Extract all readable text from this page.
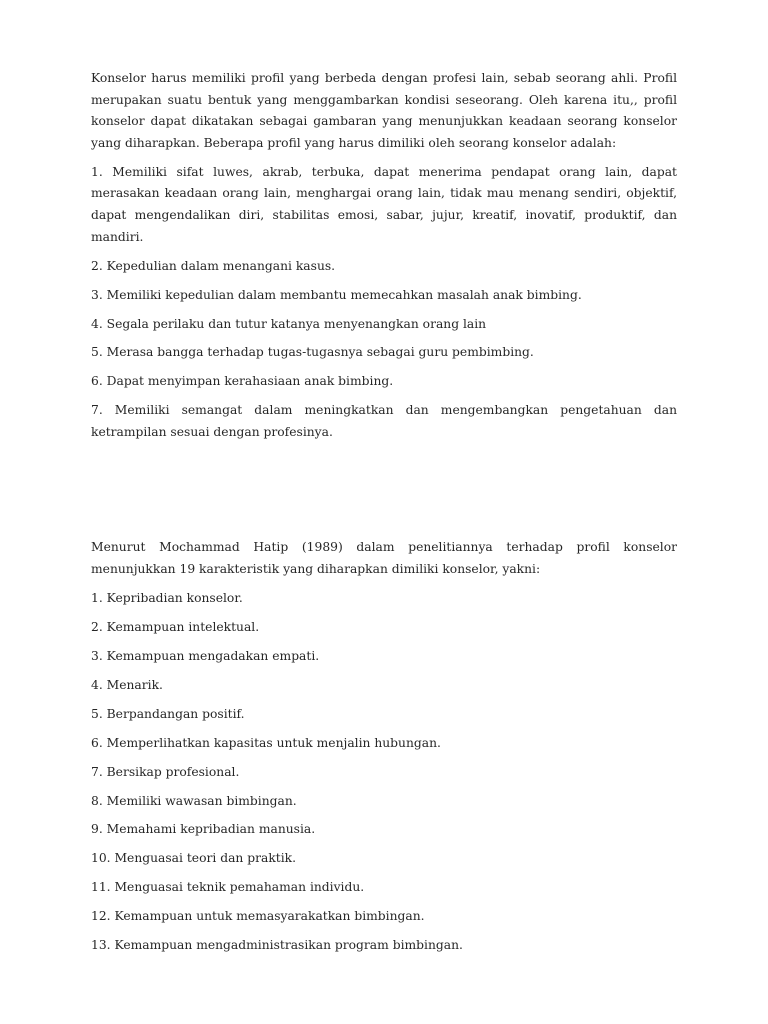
Konselor harus memiliki profil yang berbeda dengan profesi lain, sebab seorang ahli. Profil merupakan suatu bentuk yang menggambarkan kondisi seseorang. Oleh karena itu,, profil konselor dapat dikatakan sebagai gambaran yang menunjukkan keadaan seorang konselor yang diharapkan. Beberapa profil yang harus dimiliki oleh seorang konselor adalah:

1. Memiliki sifat luwes, akrab, terbuka, dapat menerima pendapat orang lain, dapat merasakan keadaan orang lain, menghargai orang lain, tidak mau menang sendiri, objektif, dapat mengendalikan diri, stabilitas emosi, sabar, jujur, kreatif, inovatif, produktif, dan mandiri.

2. Kepedulian dalam menangani kasus.

3. Memiliki kepedulian dalam membantu memecahkan masalah anak bimbing.

4. Segala perilaku dan tutur katanya menyenangkan orang lain

5. Merasa bangga terhadap tugas-tugasnya sebagai guru pembimbing.

6. Dapat menyimpan kerahasiaan anak bimbing.

7. Memiliki semangat dalam meningkatkan dan mengembangkan pengetahuan dan ketrampilan sesuai dengan profesinya.

Menurut Mochammad Hatip (1989) dalam penelitiannya terhadap profil konselor menunjukkan 19 karakteristik yang diharapkan dimiliki konselor, yakni:

1. Kepribadian konselor.

2. Kemampuan intelektual.

3. Kemampuan mengadakan empati.

4. Menarik.

5. Berpandangan positif.

6. Memperlihatkan kapasitas untuk menjalin hubungan.

7. Bersikap profesional.

8. Memiliki wawasan bimbingan.

9. Memahami kepribadian manusia.

10. Menguasai teori dan praktik.

11. Menguasai teknik pemahaman individu.

12. Kemampuan untuk memasyarakatkan bimbingan.

13. Kemampuan mengadministrasikan program bimbingan.
